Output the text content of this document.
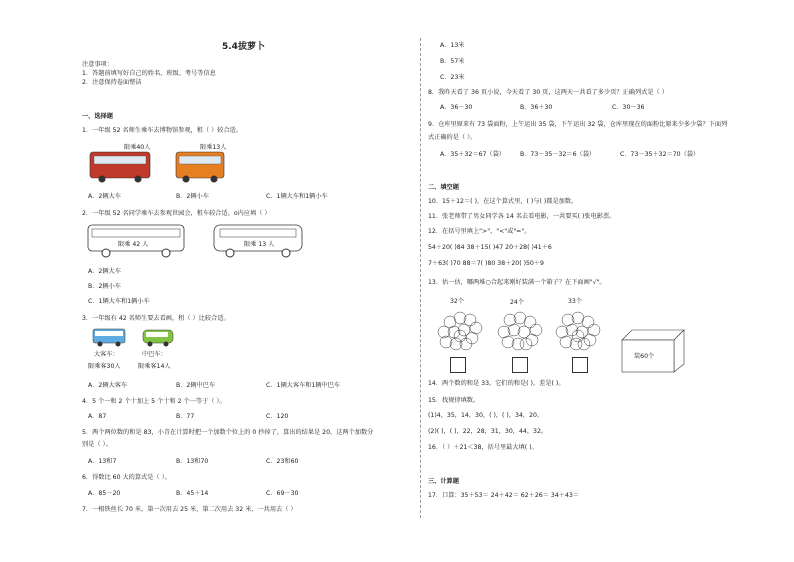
5.4拔萝卜
注意事项：
1．答题前填写好自己的姓名、班级、考号等信息
2．注意保持卷面整洁
一、选择题
1．一年级 52 名师生乘车去博物馆参观，租（ ）较合适。
限乘40人	限乘13人
A．2辆大车	B．2辆小车	C．1辆大车和1辆小车
2．一年级 52 名同学乘车去参观世园会，租车较合适。o内应填（ ）
限乘 42 人	限乘 13 人
A．2辆大车
B．2辆小车
C．1辆大车和1辆小车
3．一年级有 42 名师生要去看画，租（ ）比较合适。
大客车：	中巴车：
限乘客30人	限乘客14人
A．2辆大客车	B．2辆中巴车	C．1辆大客车和1辆中巴车
4．5 个一和 2 个十加上 5 个十和 2 个一等于（ ）。
A．87	B．77	C．120
5．两个两位数的和是 83，小青在计算时把一个加数个位上的 0 抄掉了，算出的结果是 20，这两个加数分
别是（ ）。
A．13和7	B．13和70	C．23和60
6．得数比 60 大的算式是（ ）。
A．85－20	B．45＋14	C．69－30
7．一根铁丝长 70 米，第一次用去 25 米，第二次用去 32 米，一共用去（ ）
A．13米
B．57米
C．23米
8．我昨天看了 36 页小说，今天看了 30 页，这两天一共看了多少页？正确列式是（ ）
A．36－30	B．36＋30	C．30－36
9．仓库里原来有 73 袋面粉，上午运出 35 袋，下午运出 32 袋，仓库里现在的面粉比原来少多少袋？下面列
式正确的是（ ）。
A．35＋32＝67（袋） B．73－35－32＝6（袋）	C．73－35＋32＝70（袋）
二、填空题
10．15＋12＝( )，在这个算式里，( )与( )都是加数。
11．张老师带了男女同学各 14 名去看电影，一共要买( )张电影票。
12．在括号里填上">"、"<"或"="。
54＋20( )84 38＋15( )47 20＋28( )41＋6
7＋63( )70 88＝7( )80 38＋20( )50＋9
13．估一估，哪两堆○合起来刚好装满一个箱子？在下面画"√"。
32个	24个	33个
装60个
14．两个数的和是 33，它们的和是( )，差是( )。
15．找规律填数。
(1)4，35，14，30，( )，( )，34，20。
(2)( )，( )，22，28，31，30，44，32。
16．（ ）＋21＜38，括号里最大填( )。
三、计算题
17．口算：35＋53＝ 24＋42＝ 62＋26＝ 34＋43＝
